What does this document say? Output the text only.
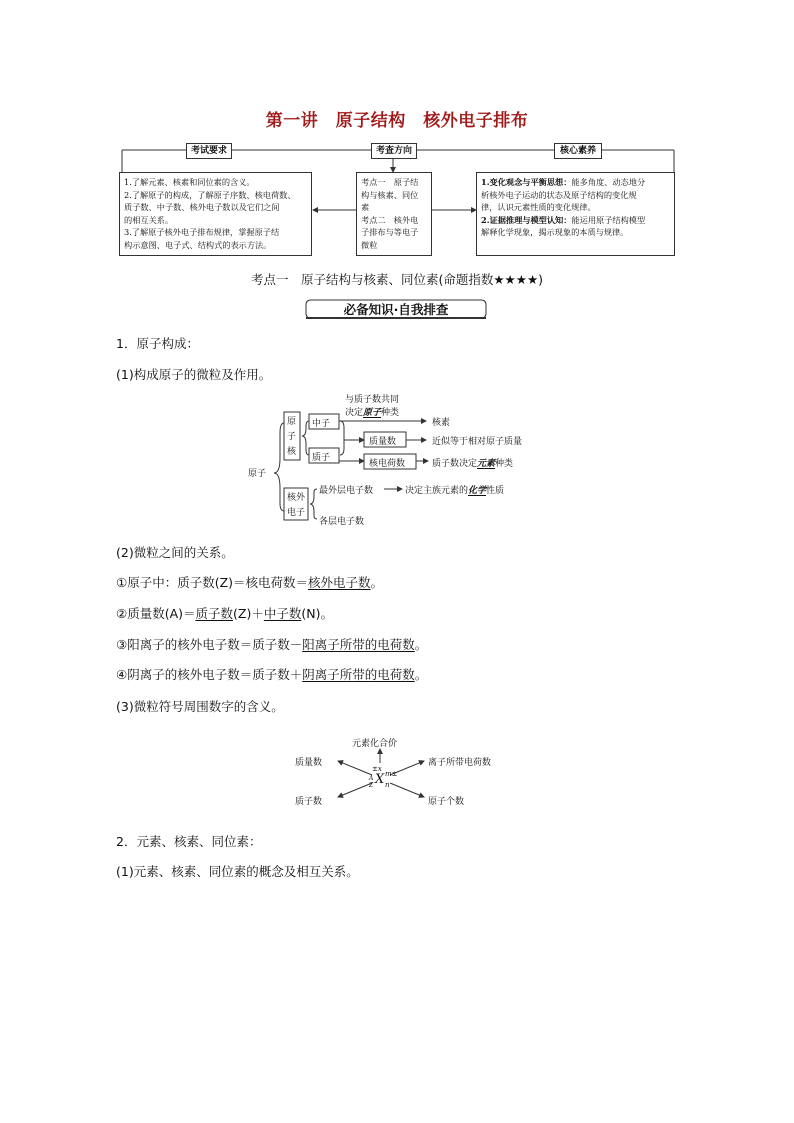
第一讲　原子结构　核外电子排布
考试要求	考查方向	核心素养
1.了解元素、核素和同位素的含义。
2.了解原子的构成，了解原子序数、核电荷数、
质子数、中子数、核外电子数以及它们之间
的相互关系。
3.了解原子核外电子排布规律，掌握原子结
构示意图、电子式、结构式的表示方法。
考点一　原子结
构与核素、同位
素
考点二　核外电
子排布与等电子
微粒
1.变化观念与平衡思想：能多角度、动态地分
析核外电子运动的状态及原子结构的变化规
律，认识元素性质的变化规律。
2.证据推理与模型认知：能运用原子结构模型
解释化学现象，揭示现象的本质与规律。
考点一　原子结构与核素、同位素(命题指数★★★★)
必备知识·自我排查
1．原子构成：
(1)构成原子的微粒及作用。
原子
原
子
核
中子
质子
质量数
核电荷数
核外
电子
与质子数共同
决定原子种类
核素
近似等于相对原子质量
质子数决定元素种类
最外层电子数	决定主族元素的化学性质
各层电子数
(2)微粒之间的关系。
①原子中：质子数(Z)＝核电荷数＝核外电子数。
②质量数(A)＝质子数(Z)＋中子数(N)。
③阳离子的核外电子数＝质子数－阳离子所带的电荷数。
④阴离子的核外电子数＝质子数＋阴离子所带的电荷数。
(3)微粒符号周围数字的含义。
元素化合价
质量数	离子所带电荷数
质子数	原子个数
±x
A
Z X m±
n
2．元素、核素、同位素：
(1)元素、核素、同位素的概念及相互关系。
